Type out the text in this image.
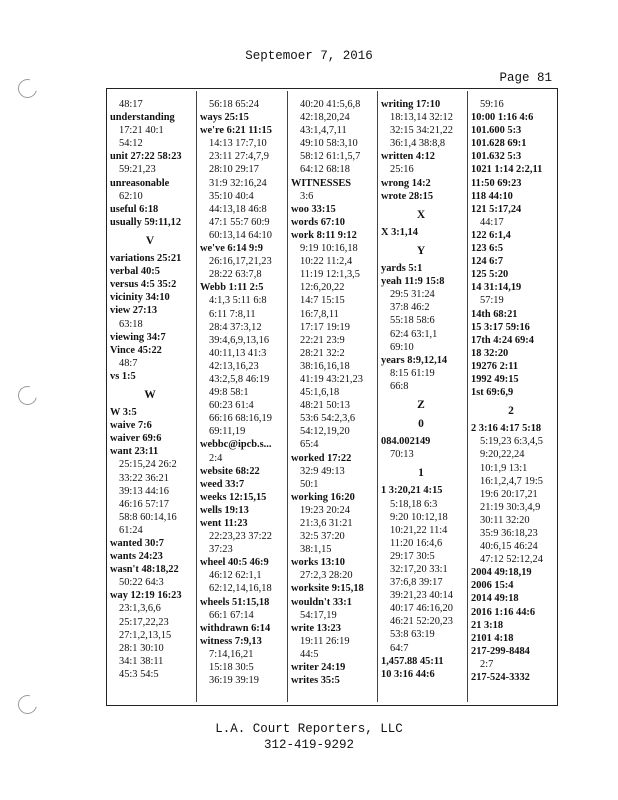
Septemoer 7, 2016
Page 81
48:17
understanding
17:21 40:1
54:12
unit 27:22 58:23
59:21,23
unreasonable
62:10
useful 6:18
usually 59:11,12
V
variations 25:21
verbal 40:5
versus 4:5 35:2
vicinity 34:10
view 27:13
63:18
viewing 34:7
Vince 45:22
48:7
vs 1:5
W
W 3:5
waive 7:6
waiver 69:6
want 23:11
25:15,24 26:2
33:22 36:21
39:13 44:16
46:16 57:17
58:8 60:14,16
61:24
wanted 30:7
wants 24:23
wasn't 48:18,22
50:22 64:3
way 12:19 16:23
23:1,3,6,6
25:17,22,23
27:1,2,13,15
28:1 30:10
34:1 38:11
45:3 54:5
56:18 65:24
ways 25:15
we're 6:21 11:15
14:13 17:7,10
23:11 27:4,7,9
28:10 29:17
31:9 32:16,24
35:10 40:4
44:13,18 46:8
47:1 55:7 60:9
60:13,14 64:10
we've 6:14 9:9
26:16,17,21,23
28:22 63:7,8
Webb 1:11 2:5
4:1,3 5:11 6:8
6:11 7:8,11
28:4 37:3,12
39:4,6,9,13,16
40:11,13 41:3
42:13,16,23
43:2,5,8 46:19
49:8 58:1
60:23 61:4
66:16 68:16,19
69:11,19
webbc@ipcb.s...
2:4
website 68:22
weed 33:7
weeks 12:15,15
wells 19:13
went 11:23
22:23,23 37:22
37:23
wheel 40:5 46:9
46:12 62:1,1
62:12,14,16,18
wheels 51:15,18
66:1 67:14
withdrawn 6:14
witness 7:9,13
7:14,16,21
15:18 30:5
36:19 39:19
40:20 41:5,6,8
42:18,20,24
43:1,4,7,11
49:10 58:3,10
58:12 61:1,5,7
64:12 68:18
WITNESSES
3:6
woo 33:15
words 67:10
work 8:11 9:12
9:19 10:16,18
10:22 11:2,4
11:19 12:1,3,5
12:6,20,22
14:7 15:15
16:7,8,11
17:17 19:19
22:21 23:9
28:21 32:2
38:16,16,18
41:19 43:21,23
45:1,6,18
48:21 50:13
53:6 54:2,3,6
54:12,19,20
65:4
worked 17:22
32:9 49:13
50:1
working 16:20
19:23 20:24
21:3,6 31:21
32:5 37:20
38:1,15
works 13:10
27:2,3 28:20
worksite 9:15,18
wouldn't 33:1
54:17,19
write 13:23
19:11 26:19
44:5
writer 24:19
writes 35:5
writing 17:10
18:13,14 32:12
32:15 34:21,22
36:1,4 38:8,8
written 4:12
25:16
wrong 14:2
wrote 28:15
X
X 3:1,14
Y
yards 5:1
yeah 11:9 15:8
29:5 31:24
37:8 46:2
55:18 58:6
62:4 63:1,1
69:10
years 8:9,12,14
8:15 61:19
66:8
Z
0
084.002149
70:13
1
1 3:20,21 4:15
5:18,18 6:3
9:20 10:12,18
10:21,22 11:4
11:20 16:4,6
29:17 30:5
32:17,20 33:1
37:6,8 39:17
39:21,23 40:14
40:17 46:16,20
46:21 52:20,23
53:8 63:19
64:7
1,457.88 45:11
10 3:16 44:6
59:16
10:00 1:16 4:6
101.600 5:3
101.628 69:1
101.632 5:3
1021 1:14 2:2,11
11:50 69:23
118 44:10
121 5:17,24
44:17
122 6:1,4
123 6:5
124 6:7
125 5:20
14 31:14,19
57:19
14th 68:21
15 3:17 59:16
17th 4:24 69:4
18 32:20
19276 2:11
1992 49:15
1st 69:6,9
2
2 3:16 4:17 5:18
5:19,23 6:3,4,5
9:20,22,24
10:1,9 13:1
16:1,2,4,7 19:5
19:6 20:17,21
21:19 30:3,4,9
30:11 32:20
35:9 36:18,23
40:6,15 46:24
47:12 52:12,24
2004 49:18,19
2006 15:4
2014 49:18
2016 1:16 44:6
21 3:18
2101 4:18
217-299-8484
2:7
217-524-3332
L.A. Court Reporters, LLC
312-419-9292
